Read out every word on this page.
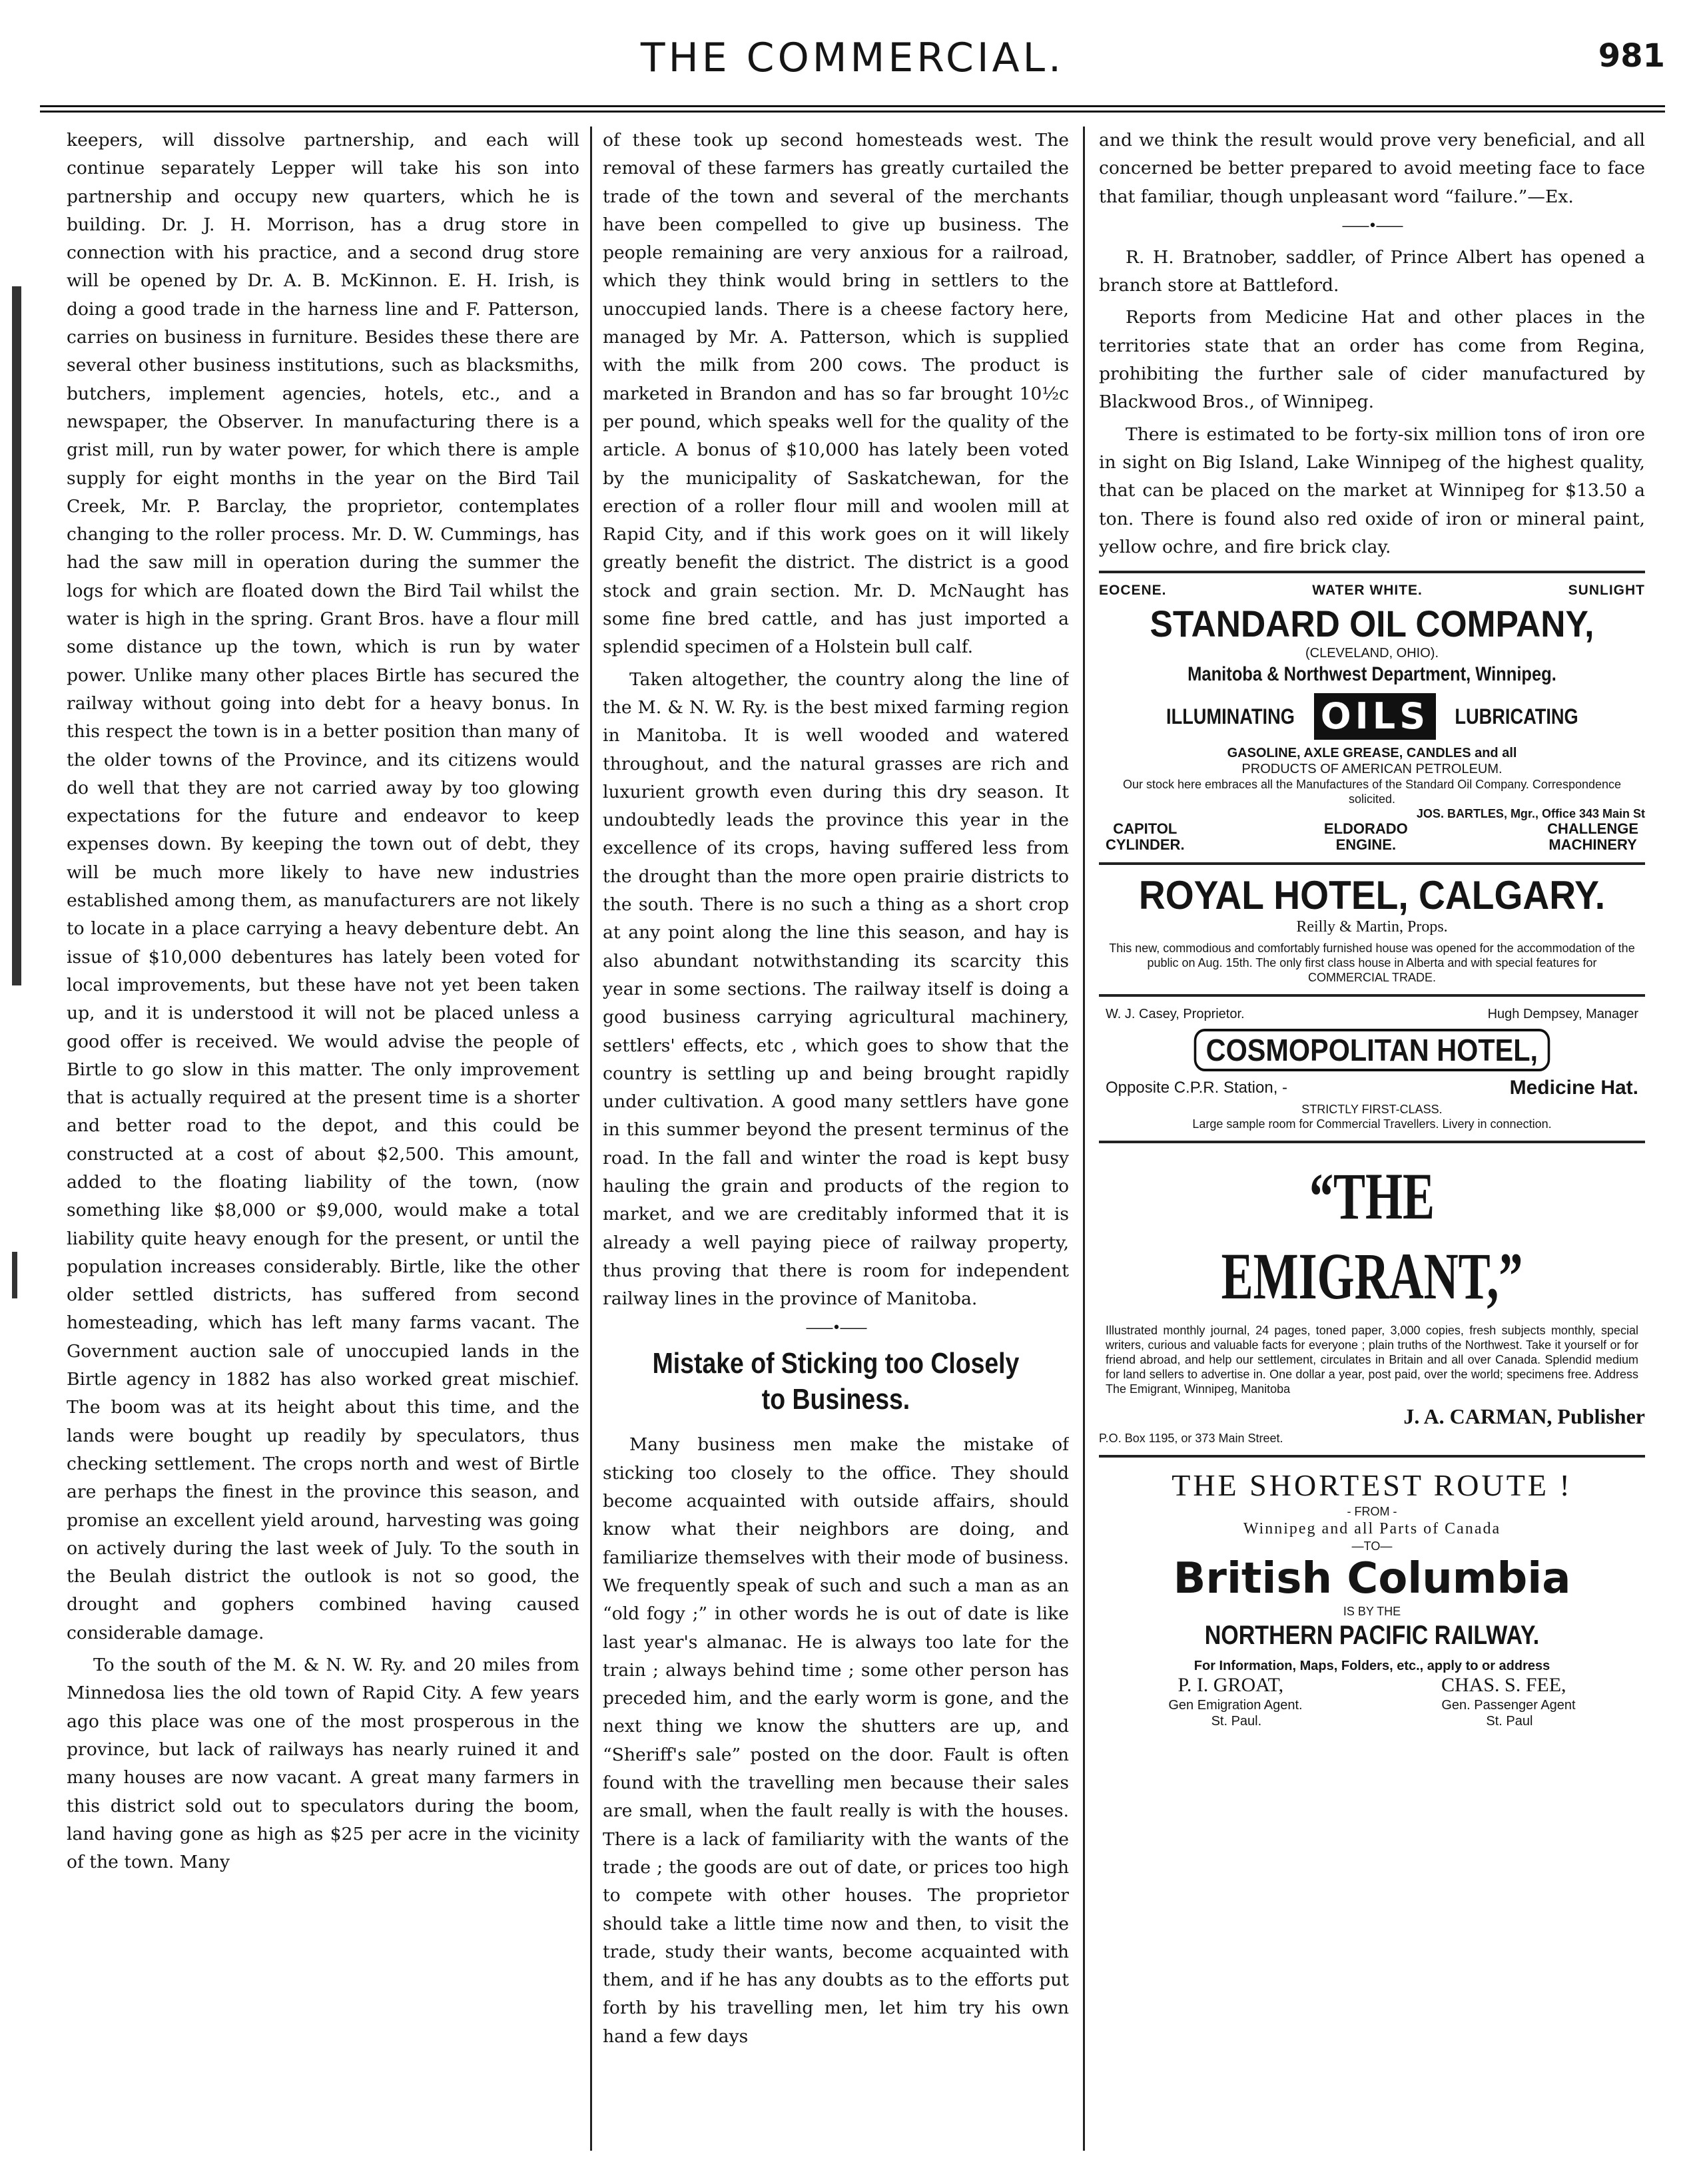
THE COMMERCIAL.	981

keepers, will dissolve partnership, and each will continue separately Lepper will take his son into partnership and occupy new quarters, which he is building. Dr. J. H. Morrison, has a drug store in connection with his practice, and a second drug store will be opened by Dr. A. B. McKinnon. E. H. Irish, is doing a good trade in the harness line and F. Patterson, carries on business in furniture. Besides these there are several other business institutions, such as blacksmiths, butchers, implement agencies, hotels, etc., and a newspaper, the Observer. In manufacturing there is a grist mill, run by water power, for which there is ample supply for eight months in the year on the Bird Tail Creek, Mr. P. Barclay, the proprietor, contemplates changing to the roller process. Mr. D. W. Cummings, has had the saw mill in operation during the summer the logs for which are floated down the Bird Tail whilst the water is high in the spring. Grant Bros. have a flour mill some distance up the town, which is run by water power. Unlike many other places Birtle has secured the railway without going into debt for a heavy bonus. In this respect the town is in a better position than many of the older towns of the Province, and its citizens would do well that they are not carried away by too glowing expectations for the future and endeavor to keep expenses down. By keeping the town out of debt, they will be much more likely to have new industries established among them, as manufacturers are not likely to locate in a place carrying a heavy debenture debt. An issue of $10,000 debentures has lately been voted for local improvements, but these have not yet been taken up, and it is understood it will not be placed unless a good offer is received. We would advise the people of Birtle to go slow in this matter. The only improvement that is actually required at the present time is a shorter and better road to the depot, and this could be constructed at a cost of about $2,500. This amount, added to the floating liability of the town, (now something like $8,000 or $9,000, would make a total liability quite heavy enough for the present, or until the population increases considerably. Birtle, like the other older settled districts, has suffered from second homesteading, which has left many farms vacant. The Government auction sale of unoccupied lands in the Birtle agency in 1882 has also worked great mischief. The boom was at its height about this time, and the lands were bought up readily by speculators, thus checking settlement. The crops north and west of Birtle are perhaps the finest in the province this season, and promise an excellent yield around, harvesting was going on actively during the last week of July. To the south in the Beulah district the outlook is not so good, the drought and gophers combined having caused considerable damage.

To the south of the M. & N. W. Ry. and 20 miles from Minnedosa lies the old town of Rapid City. A few years ago this place was one of the most prosperous in the province, but lack of railways has nearly ruined it and many houses are now vacant. A great many farmers in this district sold out to speculators during the boom, land having gone as high as $25 per acre in the vicinity of the town. Many

of these took up second homesteads west. The removal of these farmers has greatly curtailed the trade of the town and several of the merchants have been compelled to give up business. The people remaining are very anxious for a railroad, which they think would bring in settlers to the unoccupied lands. There is a cheese factory here, managed by Mr. A. Patterson, which is supplied with the milk from 200 cows. The product is marketed in Brandon and has so far brought 10½c per pound, which speaks well for the quality of the article. A bonus of $10,000 has lately been voted by the municipality of Saskatchewan, for the erection of a roller flour mill and woolen mill at Rapid City, and if this work goes on it will likely greatly benefit the district. The district is a good stock and grain section. Mr. D. McNaught has some fine bred cattle, and has just imported a splendid specimen of a Holstein bull calf.

Taken altogether, the country along the line of the M. & N. W. Ry. is the best mixed farming region in Manitoba. It is well wooded and watered throughout, and the natural grasses are rich and luxurient growth even during this dry season. It undoubtedly leads the province this year in the excellence of its crops, having suffered less from the drought than the more open prairie districts to the south. There is no such a thing as a short crop at any point along the line this season, and hay is also abundant notwithstanding its scarcity this year in some sections. The railway itself is doing a good business carrying agricultural machinery, settlers' effects, etc , which goes to show that the country is settling up and being brought rapidly under cultivation. A good many settlers have gone in this summer beyond the present terminus of the road. In the fall and winter the road is kept busy hauling the grain and products of the region to market, and we are creditably informed that it is already a well paying piece of railway property, thus proving that there is room for independent railway lines in the province of Manitoba.

——•——
Mistake of Sticking too Closely to Business.

Many business men make the mistake of sticking too closely to the office. They should become acquainted with outside affairs, should know what their neighbors are doing, and familiarize themselves with their mode of business. We frequently speak of such and such a man as an “old fogy ;” in other words he is out of date is like last year's almanac. He is always too late for the train ; always behind time ; some other person has preceded him, and the early worm is gone, and the next thing we know the shutters are up, and “Sheriff's sale” posted on the door. Fault is often found with the travelling men because their sales are small, when the fault really is with the houses. There is a lack of familiarity with the wants of the trade ; the goods are out of date, or prices too high to compete with other houses. The proprietor should take a little time now and then, to visit the trade, study their wants, become acquainted with them, and if he has any doubts as to the efforts put forth by his travelling men, let him try his own hand a few days

and we think the result would prove very beneficial, and all concerned be better prepared to avoid meeting face to face that familiar, though unpleasant word “failure.”—Ex.

——•——

R. H. Bratnober, saddler, of Prince Albert has opened a branch store at Battleford.

Reports from Medicine Hat and other places in the territories state that an order has come from Regina, prohibiting the further sale of cider manufactured by Blackwood Bros., of Winnipeg.

There is estimated to be forty-six million tons of iron ore in sight on Big Island, Lake Winnipeg of the highest quality, that can be placed on the market at Winnipeg for $13.50 a ton. There is found also red oxide of iron or mineral paint, yellow ochre, and fire brick clay.

EOCENE.	WATER WHITE.	SUNLIGHT
STANDARD OIL COMPANY,
(CLEVELAND, OHIO).
Manitoba & Northwest Department, Winnipeg.
ILLUMINATING OILS	LUBRICATING
GASOLINE, AXLE GREASE, CANDLES and all
PRODUCTS OF AMERICAN PETROLEUM.
Our stock here embraces all the Manufactures of the Standard Oil Company. Correspondence solicited.
JOS. BARTLES, Mgr., Office 343 Main St
CAPITOL
CYLINDER.
ELDORADO
ENGINE.
CHALLENGE
MACHINERY
ROYAL HOTEL, CALGARY.
Reilly & Martin, Props.
This new, commodious and comfortably furnished house was opened for the accommodation of the public on Aug. 15th. The only first class house in Alberta and with special features for COMMERCIAL TRADE.
W. J. Casey, Proprietor.	Hugh Dempsey, Manager
COSMOPOLITAN HOTEL,
Opposite C.P.R. Station, -	Medicine Hat.
STRICTLY FIRST-CLASS.
Large sample room for Commercial Travellers. Livery in connection.
“THE EMIGRANT,”
Illustrated monthly journal, 24 pages, toned paper, 3,000 copies, fresh subjects monthly, special writers, curious and valuable facts for everyone ; plain truths of the Northwest. Take it yourself or for friend abroad, and help our settlement, circulates in Britain and all over Canada. Splendid medium for land sellers to advertise in. One dollar a year, post paid, over the world; specimens free. Address The Emigrant, Winnipeg, Manitoba
J. A. CARMAN, Publisher
P.O. Box 1195, or 373 Main Street.
THE SHORTEST ROUTE !
- FROM -
Winnipeg and all Parts of Canada
—TO—
British Columbia
IS BY THE
NORTHERN PACIFIC RAILWAY.
For Information, Maps, Folders, etc., apply to or address
P. I. GROAT,	CHAS. S. FEE,
Gen Emigration Agent.	Gen. Passenger Agent
St. Paul.	St. Paul
